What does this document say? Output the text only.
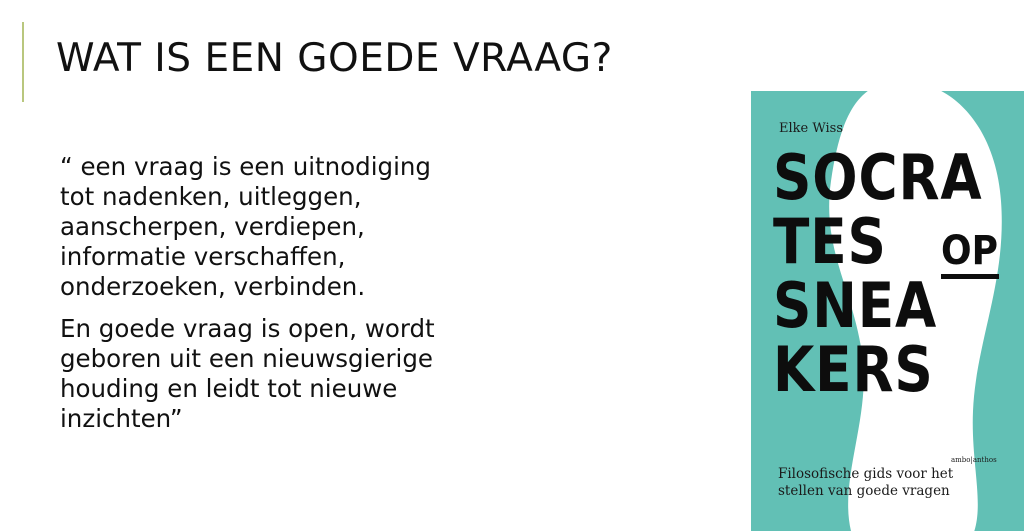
WAT IS EEN GOEDE VRAAG?

“ een vraag is een uitnodiging
tot nadenken, uitleggen,
aanscherpen, verdiepen,
informatie verschaffen,
onderzoeken, verbinden.

En goede vraag is open, wordt
geboren uit een nieuwsgierige
houding en leidt tot nieuwe
inzichten”

Elke Wiss
SOCRA
TES OP
SNEA
KERS
ambo|anthos
Filosofische gids voor het
stellen van goede vragen
